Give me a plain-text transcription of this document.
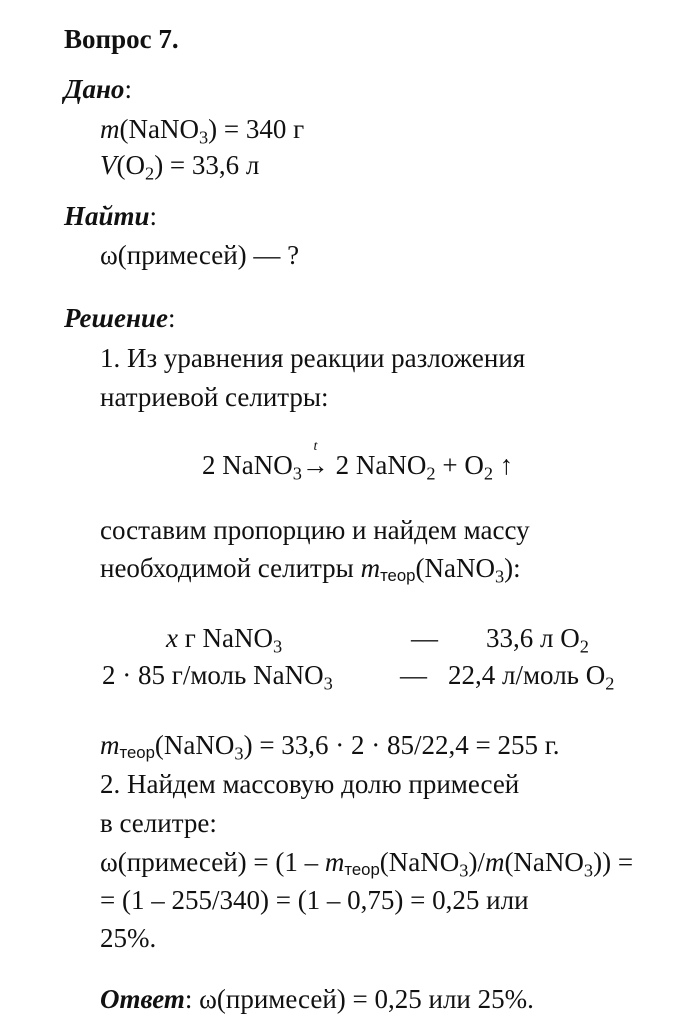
Вопрос 7.
Дано:
m(NaNO$_3$) = 340 г
$V(O_2) = 33,6$ л
Найти:
ω(примесей) — ?
Решение:
1. Из уравнения реакции разложения
натриевой селитры:
2 NaNO$_3$
t
→ 2 NaNO$_2$ + $O_2$ ↑
составим пропорцию и найдем массу
необходимой селитры $m_{теор}(NaNO_3)$:
x г NaNO$_3$	— 33,6 л $O_2$
2 · 85 г/моль NaNO$_3$ — 22,4 л/моль $O_2$
$m_{теор}(NaNO_3) = 33,6 \cdot 2 \cdot 85/22,4 = 255$ г.
2. Найдем массовую долю примесей
в селитре:
ω(примесей) = $(1 - m_{теор}(NaNO_3)/m(NaNO_3))$ =
= (1 – 255/340) = (1 – 0,75) = 0,25 или
25%.
Ответ: ω(примесей) = 0,25 или 25%.
